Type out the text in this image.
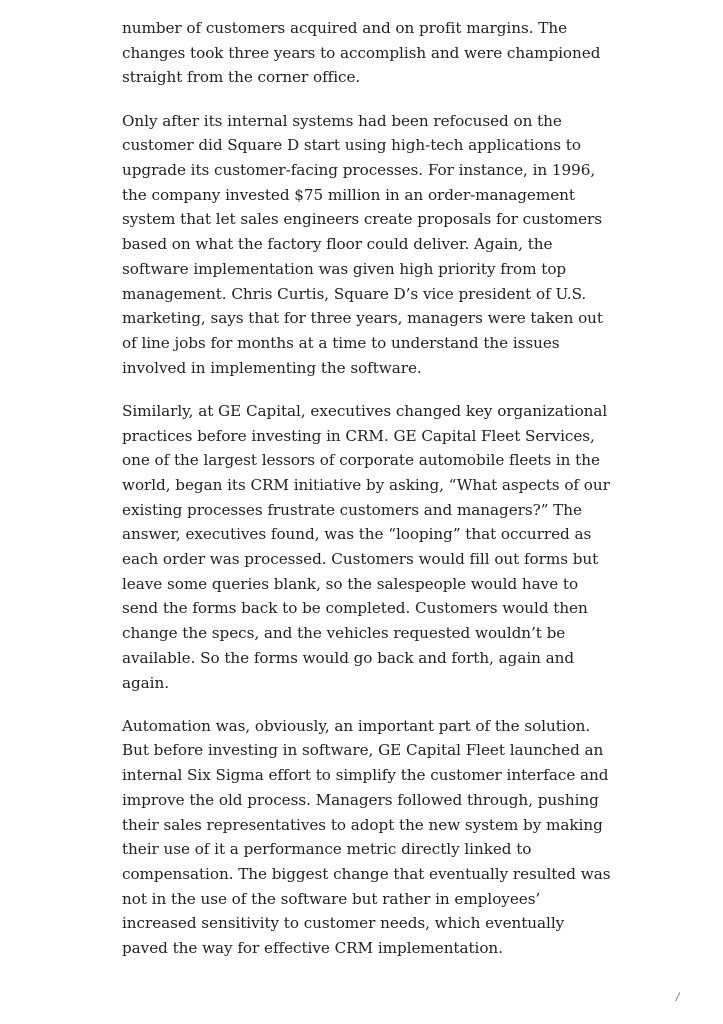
number of customers acquired and on profit margins. The changes took three years to accomplish and were championed straight from the corner office.

Only after its internal systems had been refocused on the customer did Square D start using high-tech applications to upgrade its customer-facing processes. For instance, in 1996, the company invested $75 million in an order-management system that let sales engineers create proposals for customers based on what the factory floor could deliver. Again, the software implementation was given high priority from top management. Chris Curtis, Square D’s vice president of U.S. marketing, says that for three years, managers were taken out of line jobs for months at a time to understand the issues involved in implementing the software.

Similarly, at GE Capital, executives changed key organizational practices before investing in CRM. GE Capital Fleet Services, one of the largest lessors of corporate automobile fleets in the world, began its CRM initiative by asking, “What aspects of our existing processes frustrate customers and managers?” The answer, executives found, was the “looping” that occurred as each order was processed. Customers would fill out forms but leave some queries blank, so the salespeople would have to send the forms back to be completed. Customers would then change the specs, and the vehicles requested wouldn’t be available. So the forms would go back and forth, again and again.

Automation was, obviously, an important part of the solution. But before investing in software, GE Capital Fleet launched an internal Six Sigma effort to simplify the customer interface and improve the old process. Managers followed through, pushing their sales representatives to adopt the new system by making their use of it a performance metric directly linked to compensation. The biggest change that eventually resulted was not in the use of the software but rather in employees’ increased sensitivity to customer needs, which eventually paved the way for effective CRM implementation.

/
